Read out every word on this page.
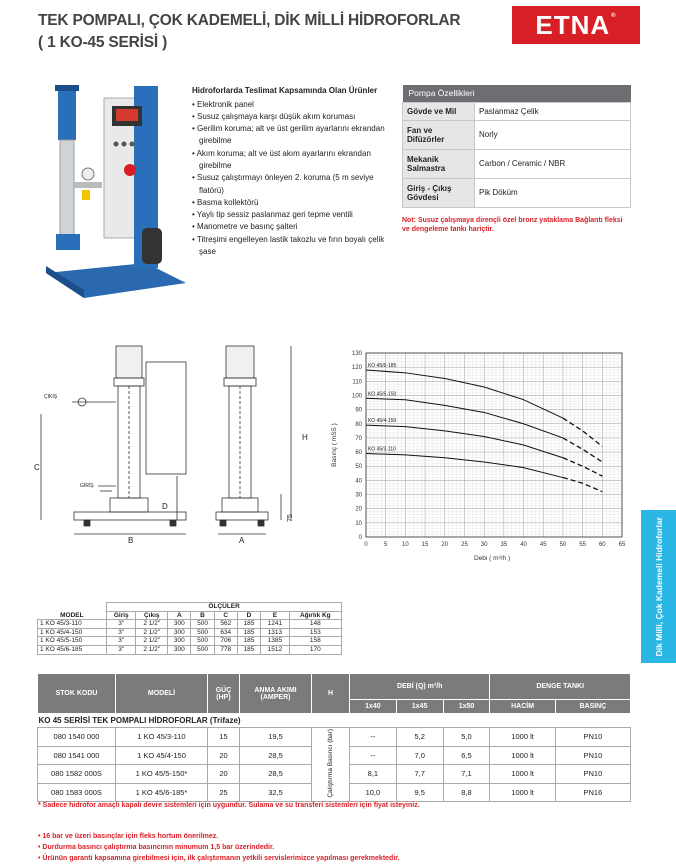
TEK POMPALI, ÇOK KADEMELİ, DİK MİLLİ HİDROFORLAR
( 1 KO-45 SERİSİ )
ETNA®
Hidroforlarda Teslimat Kapsamında Olan Ürünler
• Elektronik panel
• Susuz çalışmaya karşı düşük akım koruması
• Gerilim koruma; alt ve üst gerilim ayarlarını ekrandan girebilme
• Akım koruma; alt ve üst akım ayarlarını ekrandan girebilme
• Susuz çalıştırmayı önleyen 2. koruma (5 m seviye flatörü)
• Basma kollektörü
• Yaylı tip sessiz paslanmaz geri tepme ventili
• Manometre ve basınç şalteri
• Titreşimi engelleyen lastik takozlu ve fırın boyalı çelik şase
Pompa Özellikleri	
Gövde ve Mil	Paslanmaz Çelik
Fan ve Difüzörler	Norly
Mekanik Salmastra	Carbon / Ceramic / NBR
Giriş - Çıkış Gövdesi	Pik Döküm
Not: Susuz çalışmaya dirençli özel bronz yataklama Bağlantı fleksi ve dengeleme tankı hariçtir.
ÇIKIŞ
GİRİŞ
B	A
C
D
H
75
0	5 10 15 20 25 30 35 40 45 50 55 60 65
0
10
20
30
40
50
60
70
80
90
100
110
120
130
Debi ( m³/h )
Basınç ( mSS )
KO 45/6-185
KO 45/5-150
KO 45/4-150
KO 45/3-110
Dik Milli, Çok Kademeli Hidroforlar
MODEL	ÖLÇÜLER							
	Giriş	Çıkış	A	B	C	D	E	Ağırlık Kg
1 KO 45/3-110	3"	2 1/2"	300	500	562	185	1241	148
1 KO 45/4-150	3"	2 1/2"	300	500	634	185	1313	153
1 KO 45/5-150	3"	2 1/2"	300	500	706	185	1385	158
1 KO 45/6-185	3"	2 1/2"	300	500	778	185	1512	170
STOK KODU	MODELİ	GÜÇ (HP)	ANMA AKIMI (AMPER)	H	DEBİ (Q) m³/h			DENGE TANKI	
					1x40	1x45	1x50	HACİM	BASINÇ
KO 45 SERİSİ TEK POMPALI HİDROFORLAR (Trifaze)									
080 1540 000	1 KO 45/3-110	15	19,5	Çalıştırma Basıncı (bar)	--	5,2	5,0	1000 lt	PN10
080 1541 000	1 KO 45/4-150	20	28,5		--	7,0	6,5	1000 lt	PN10
080 1582 000S	1 KO 45/5-150*	20	28,5		8,1	7,7	7,1	1000 lt	PN10
080 1583 000S	1 KO 45/6-185*	25	32,5		10,0	9,5	8,8	1000 lt	PN16
* Sadece hidrofor amaçlı kapalı devre sistemleri için uygundur. Sulama ve su transferi sistemleri için fiyat isteyiniz.
• 16 bar ve üzeri basınçlar için fleks hortum önerilmez.
• Durdurma basıncı çalıştırma basıncının minumum 1,5 bar üzerindedir.
• Ürünün garanti kapsamına girebilmesi için, ilk çalıştırmanın yetkili servislerimizce yapılması gerekmektedir.
